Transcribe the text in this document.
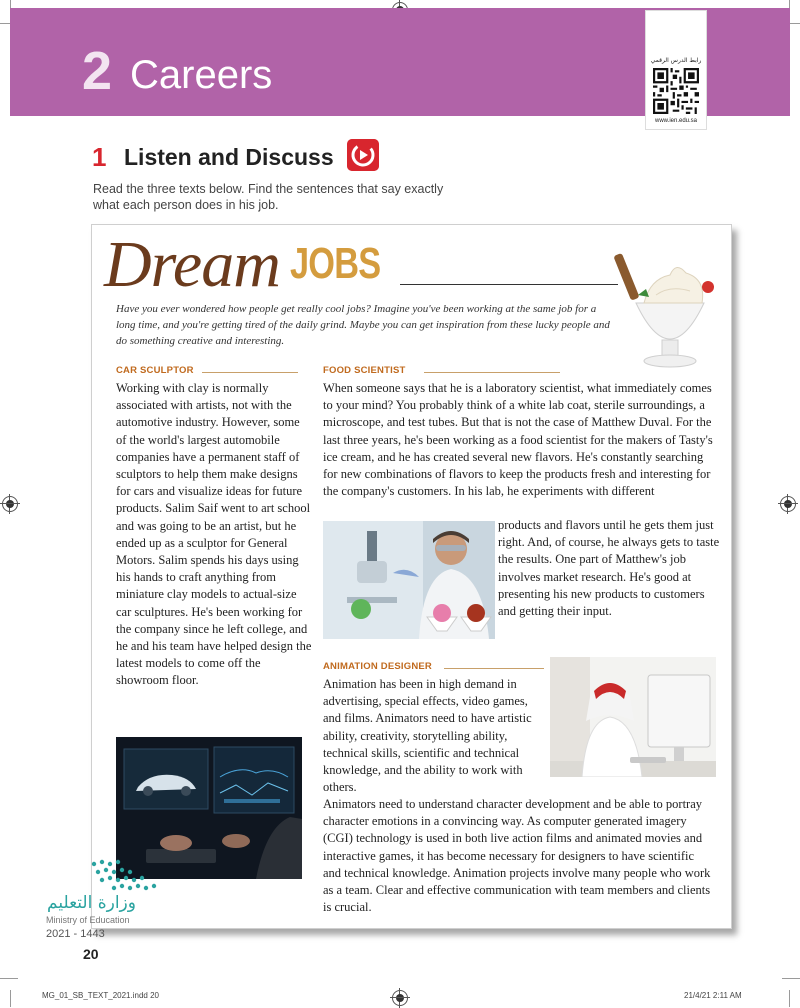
2 Careers	رابط الدرس الرقمي
www.ien.edu.sa
1 Listen and Discuss
Read the three texts below. Find the sentences that say exactly what each person does in his job.
Dream JOBS
Have you ever wondered how people get really cool jobs? Imagine you've been working at the same job for a long time, and you're getting tired of the daily grind. Maybe you can get inspiration from these lucky people and do something creative and interesting.
CAR SCULPTOR
Working with clay is normally associated with artists, not with the automotive industry. However, some of the world's largest automobile companies have a permanent staff of sculptors to help them make designs for cars and visualize ideas for future products. Salim Saif went to art school and was going to be an artist, but he ended up as a sculptor for General Motors. Salim spends his days using his hands to craft anything from miniature clay models to actual-size car sculptures. He's been working for the company since he left college, and he and his team have helped design the latest models to come off the showroom floor.
FOOD SCIENTIST
When someone says that he is a laboratory scientist, what immediately comes to your mind? You probably think of a white lab coat, sterile surroundings, a microscope, and test tubes. But that is not the case of Matthew Duval. For the last three years, he's been working as a food scientist for the makers of Tasty's ice cream, and he has created several new flavors. He's constantly searching for new combinations of flavors to keep the products fresh and interesting for the company's customers. In his lab, he experiments with different
products and flavors until he gets them just right. And, of course, he always gets to taste the results. One part of Matthew's job involves market research. He's good at presenting his new products to customers and getting their input.
ANIMATION DESIGNER
Animation has been in high demand in advertising, special effects, video games, and films. Animators need to have artistic ability, creativity, storytelling ability, technical skills, scientific and technical knowledge, and the ability to work with others.
Animators need to understand character development and be able to portray character emotions in a convincing way. As computer generated imagery (CGI) technology is used in both live action films and animated movies and interactive games, it has become necessary for designers to have scientific and technical knowledge. Animation projects involve many people who work as a team. Clear and effective communication with team members and clients is crucial.
وزارة التعليم
Ministry of Education
2021 - 1443
20
MG_01_SB_TEXT_2021.indd 20	21/4/21 2:11 AM
